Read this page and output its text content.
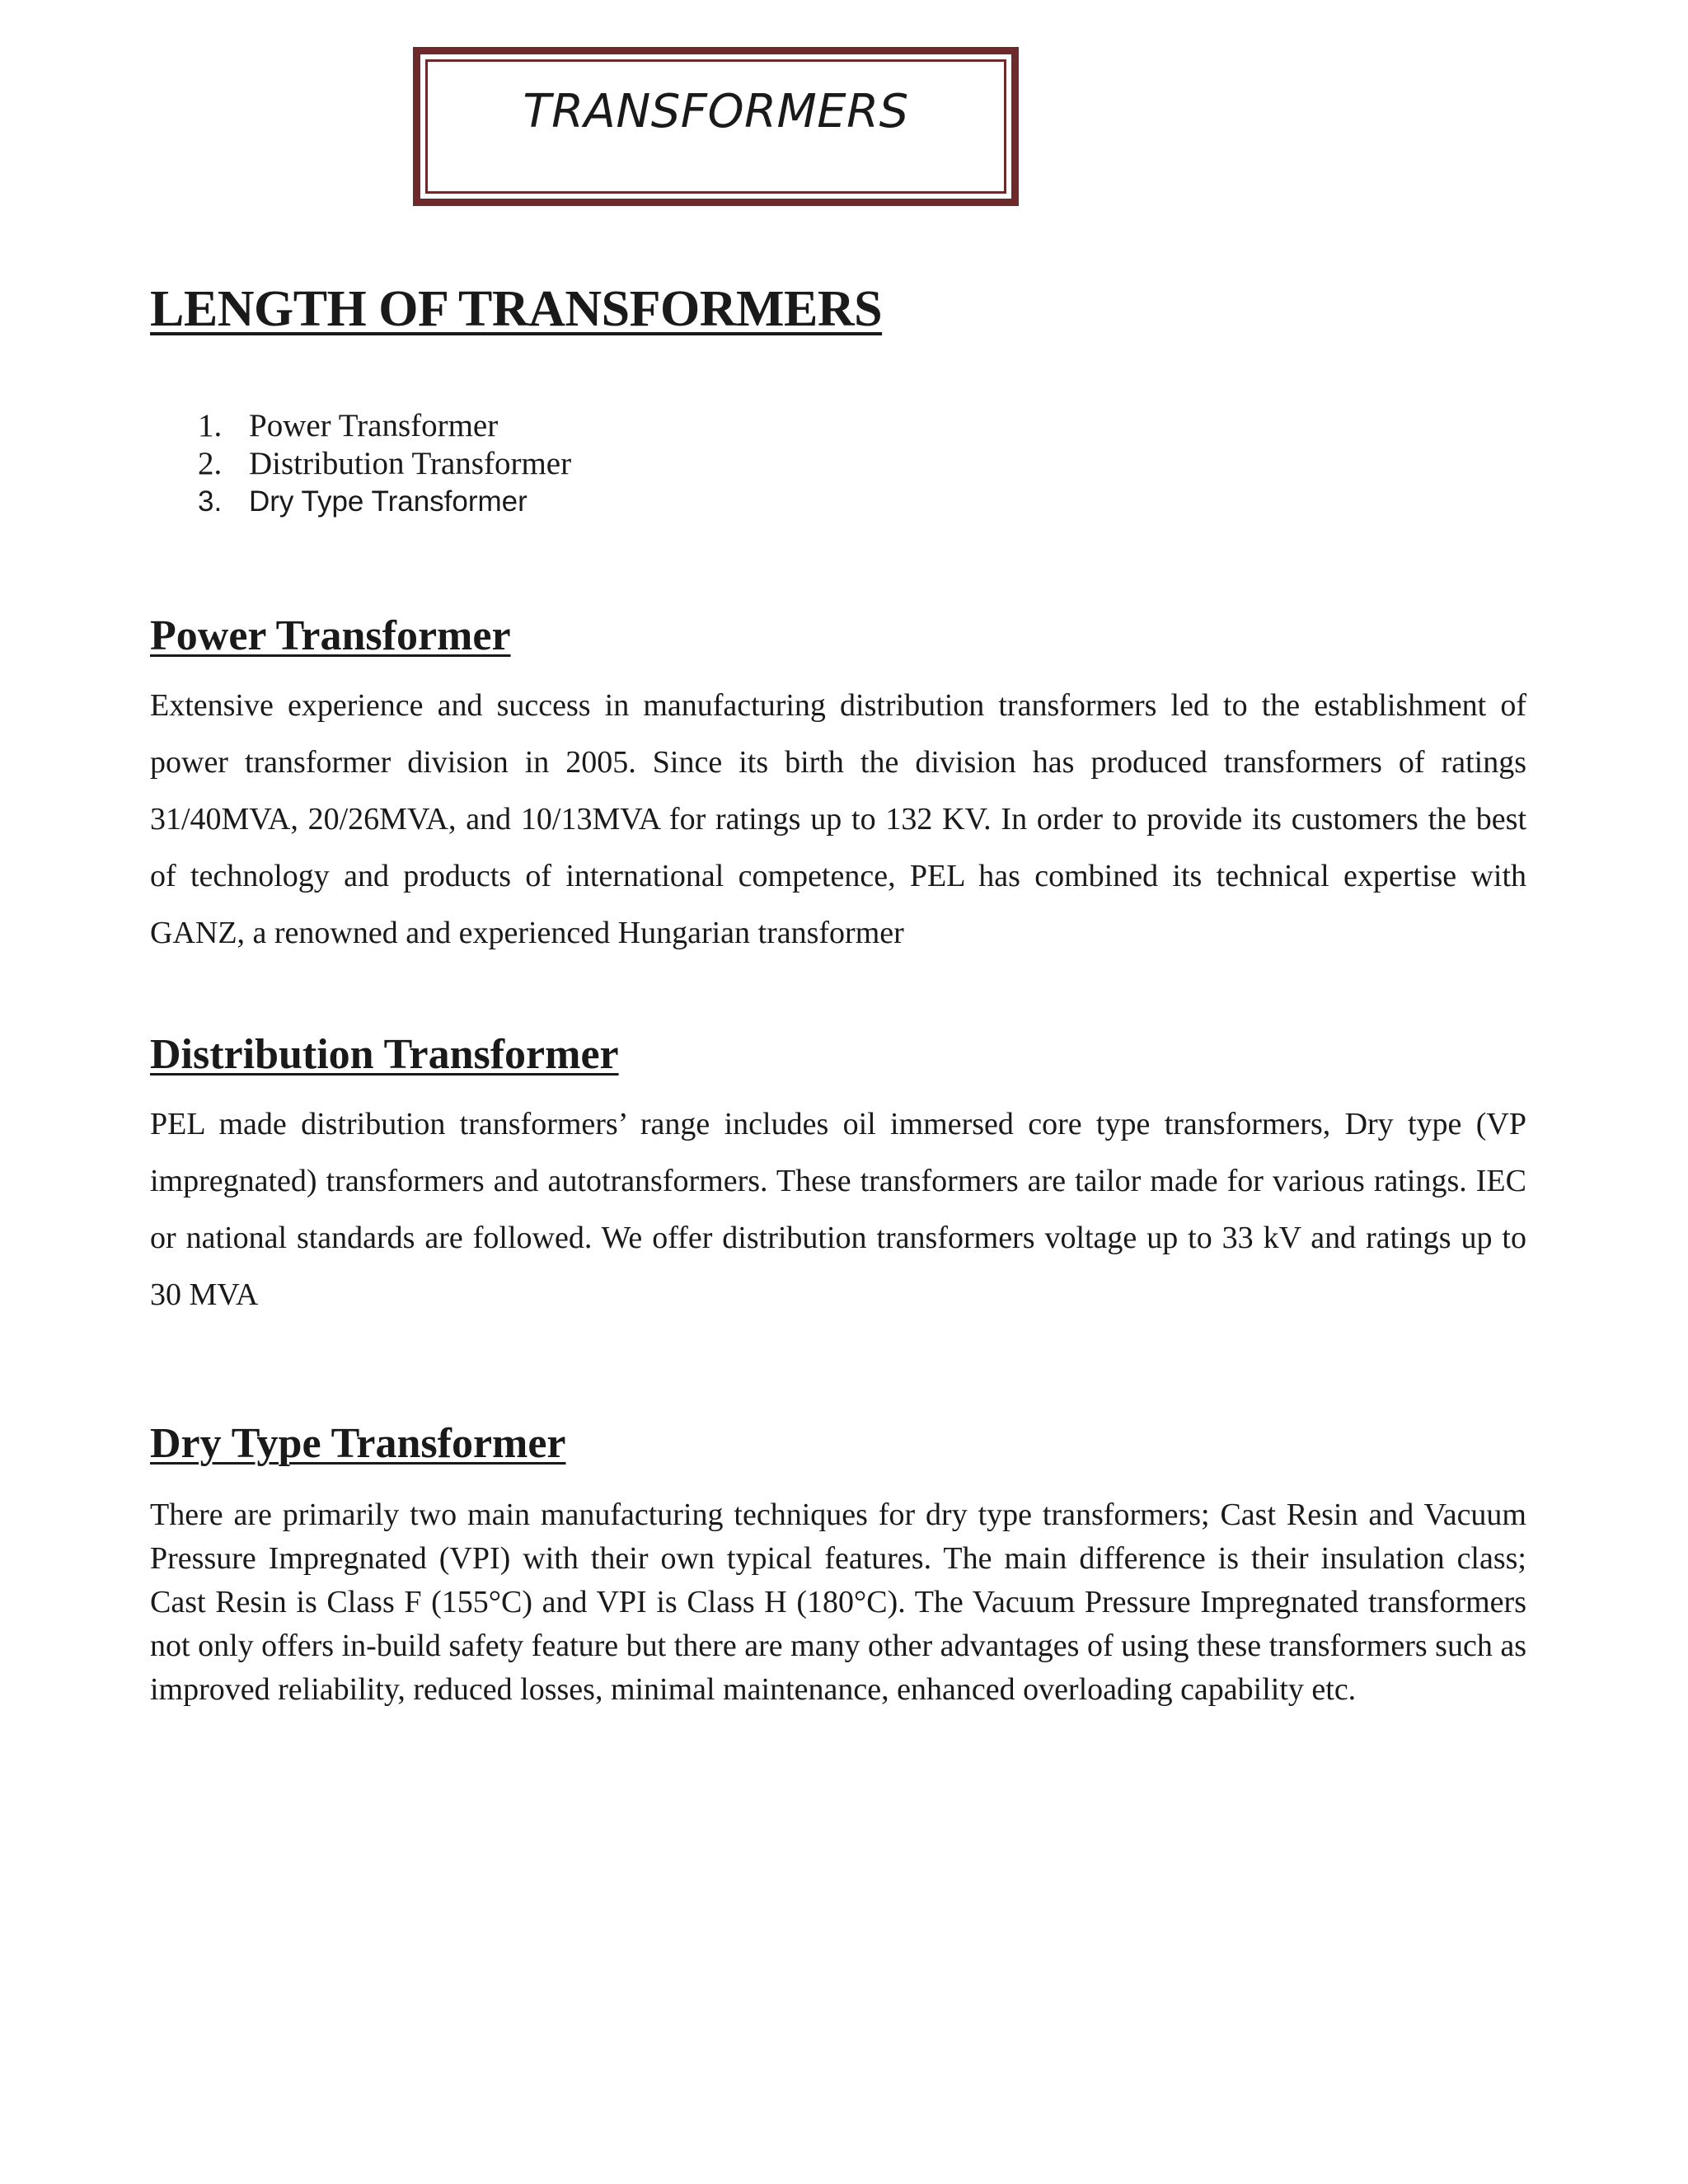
TRANSFORMERS
LENGTH OF TRANSFORMERS
1. Power Transformer
2. Distribution Transformer
3. Dry Type Transformer
Power Transformer

Extensive experience and success in manufacturing distribution transformers led to the establishment of power transformer division in 2005. Since its birth the division has produced transformers of ratings 31/40MVA, 20/26MVA, and 10/13MVA for ratings up to 132 KV. In order to provide its customers the best of technology and products of international competence, PEL has combined its technical expertise with GANZ, a renowned and experienced Hungarian transformer

Distribution Transformer

PEL made distribution transformers’ range includes oil immersed core type transformers, Dry type (VP impregnated) transformers and autotransformers. These transformers are tailor made for various ratings. IEC or national standards are followed. We offer distribution transformers voltage up to 33 kV and ratings up to 30 MVA

Dry Type Transformer

There are primarily two main manufacturing techniques for dry type transformers; Cast Resin and Vacuum Pressure Impregnated (VPI) with their own typical features. The main difference is their insulation class; Cast Resin is Class F (155°C) and VPI is Class H (180°C). The Vacuum Pressure Impregnated transformers not only offers in-build safety feature but there are many other advantages of using these transformers such as improved reliability, reduced losses, minimal maintenance, enhanced overloading capability etc.
